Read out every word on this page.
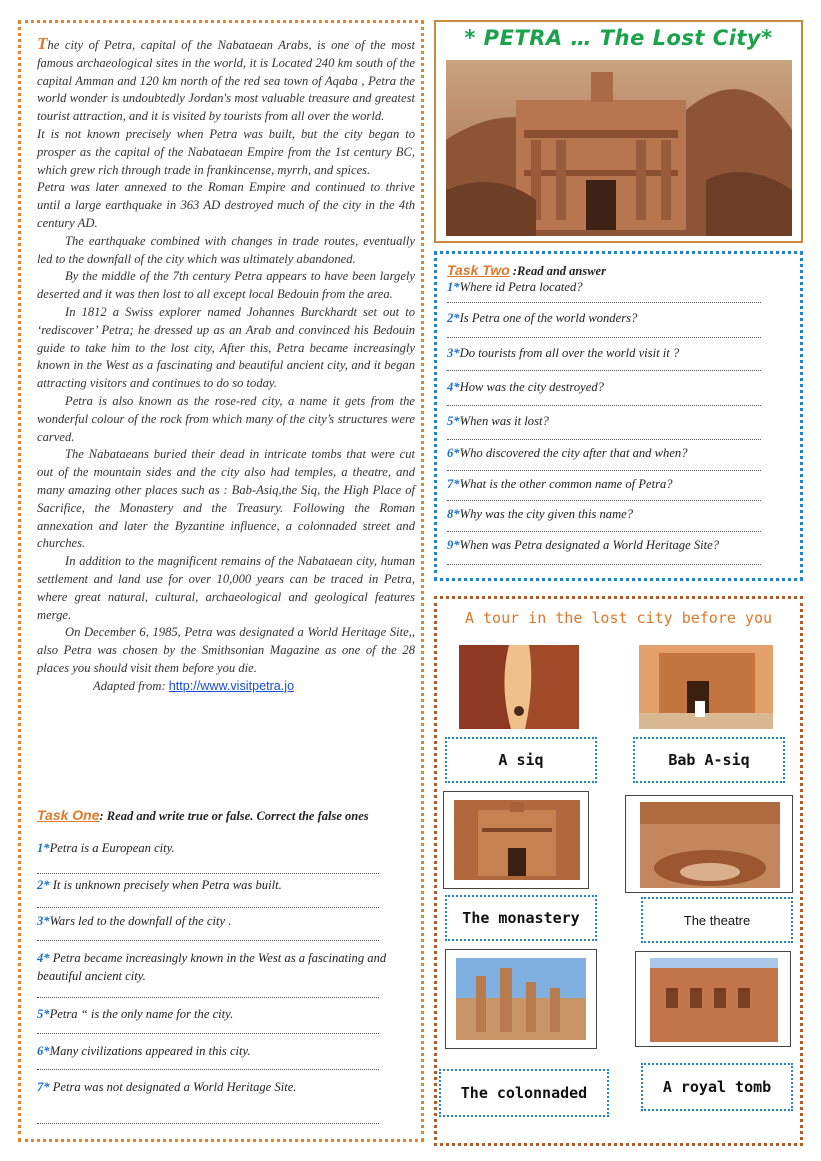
The city of Petra, capital of the Nabataean Arabs, is one of the most famous archaeological sites in the world, it is Located 240 km south of the capital Amman and 120 km north of the red sea town of Aqaba , Petra the world wonder is undoubtedly Jordan's most valuable treasure and greatest tourist attraction, and it is visited by tourists from all over the world.

It is not known precisely when Petra was built, but the city began to prosper as the capital of the Nabataean Empire from the 1st century BC, which grew rich through trade in frankincense, myrrh, and spices.

Petra was later annexed to the Roman Empire and continued to thrive until a large earthquake in 363 AD destroyed much of the city in the 4th century AD.

The earthquake combined with changes in trade routes, eventually led to the downfall of the city which was ultimately abandoned.

By the middle of the 7th century Petra appears to have been largely deserted and it was then lost to all except local Bedouin from the area.

In 1812 a Swiss explorer named Johannes Burckhardt set out to ‘rediscover’ Petra; he dressed up as an Arab and convinced his Bedouin guide to take him to the lost city, After this, Petra became increasingly known in the West as a fascinating and beautiful ancient city, and it began attracting visitors and continues to do so today.

Petra is also known as the rose-red city, a name it gets from the wonderful colour of the rock from which many of the city’s structures were carved.

The Nabataeans buried their dead in intricate tombs that were cut out of the mountain sides and the city also had temples, a theatre, and many amazing other places such as : Bab-Asiq,the Siq, the High Place of Sacrifice, the Monastery and the Treasury. Following the Roman annexation and later the Byzantine influence, a colonnaded street and churches.

In addition to the magnificent remains of the Nabataean city, human settlement and land use for over 10,000 years can be traced in Petra, where great natural, cultural, archaeological and geological features merge.

On December 6, 1985, Petra was designated a World Heritage Site,, also Petra was chosen by the Smithsonian Magazine as one of the 28 places you should visit them before you die.

Adapted from: http://www.visitpetra.jo

Task One: Read and write true or false. Correct the false ones
1*Petra is a European city.
2* It is unknown precisely when Petra was built.
3*Wars led to the downfall of the city .
4* Petra became increasingly known in the West as a fascinating and beautiful ancient city.
5*Petra “ is the only name for the city.
6*Many civilizations appeared in this city.
7* Petra was not designated a World Heritage Site.
* PETRA … The Lost City*
Task Two :Read and answer
1*Where id Petra located?
2*Is Petra one of the world wonders?
3*Do tourists from all over the world visit it ?
4*How was the city destroyed?
5*When was it lost?
6*Who discovered the city after that and when?
7*What is the other common name of Petra?
8*Why was the city given this name?
9*When was Petra designated a World Heritage Site?
A tour in the lost city before you
A siq	Bab A-siq
The monastery	The theatre
The colonnaded	A royal tomb
